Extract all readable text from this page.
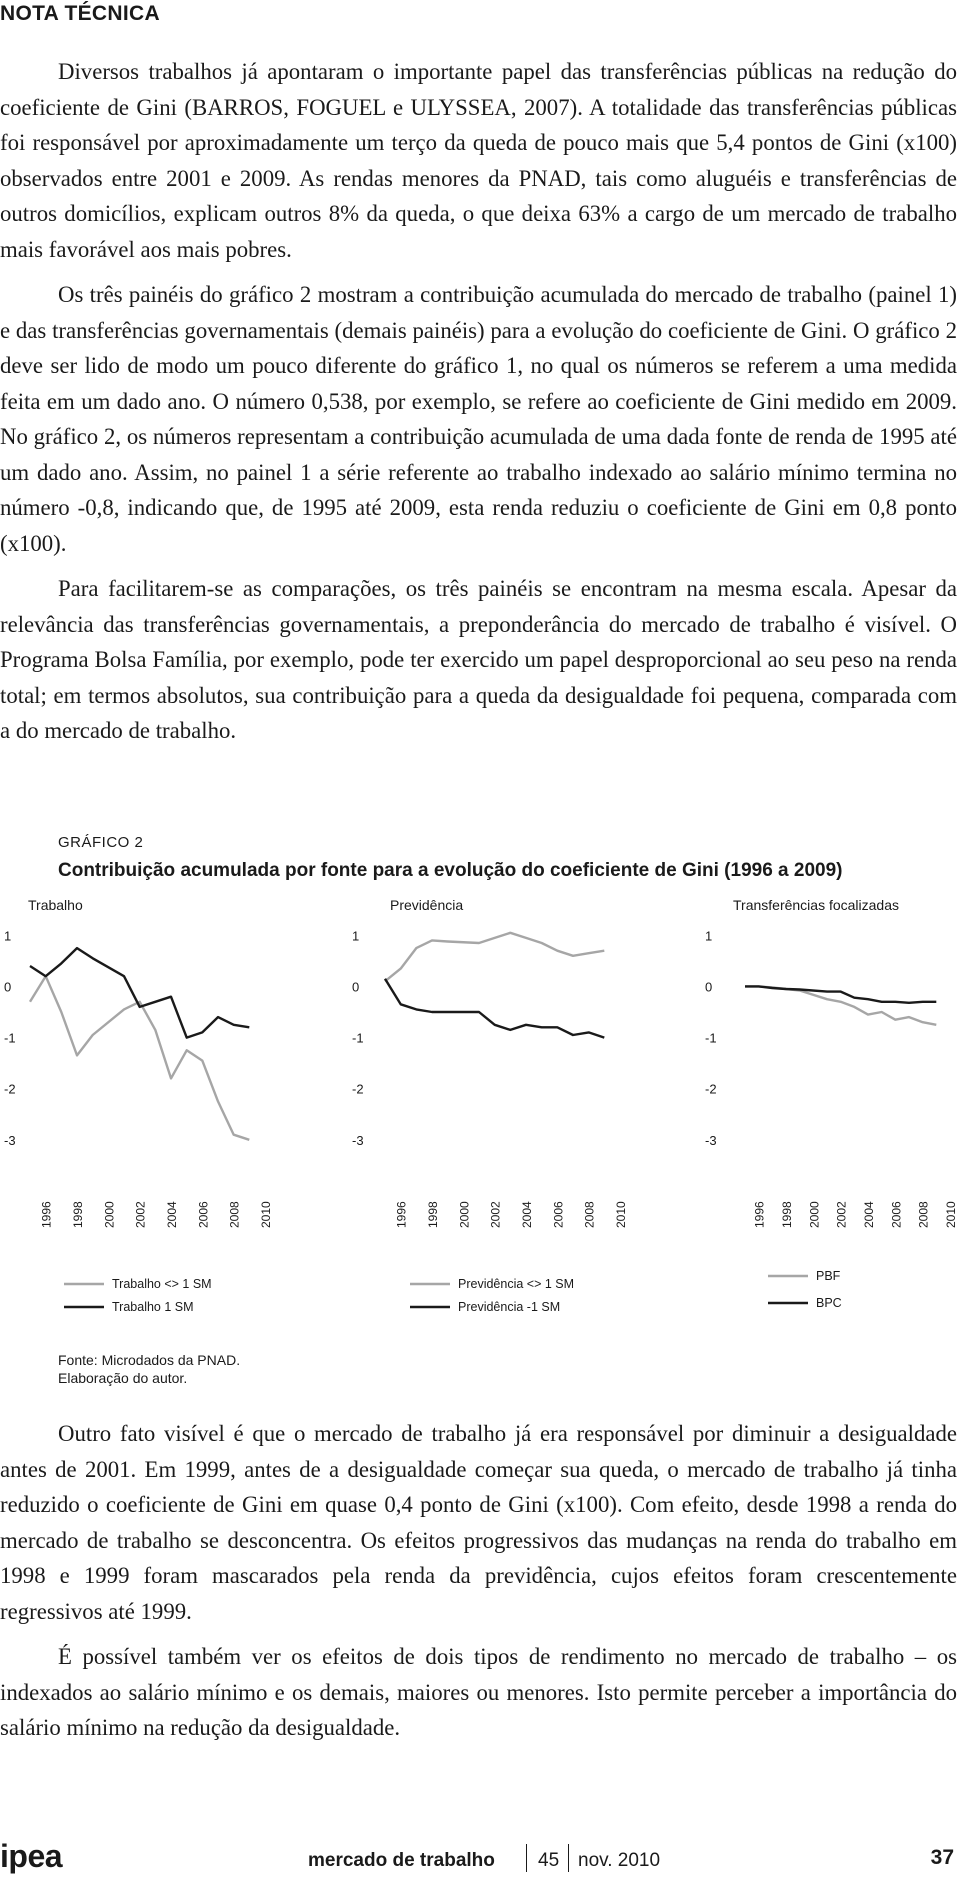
NOTA TÉCNICA

Diversos trabalhos já apontaram o importante papel das transferências públicas na redução do coeficiente de Gini (BARROS, FOGUEL e ULYSSEA, 2007). A totalidade das transferências públicas foi responsável por aproximadamente um terço da queda de pouco mais que 5,4 pontos de Gini (x100) observados entre 2001 e 2009. As rendas menores da PNAD, tais como aluguéis e transferências de outros domicílios, explicam outros 8% da queda, o que deixa 63% a cargo de um mercado de trabalho mais favorável aos mais pobres.

Os três painéis do gráfico 2 mostram a contribuição acumulada do mercado de trabalho (painel 1) e das transferências governamentais (demais painéis) para a evolução do coeficiente de Gini. O gráfico 2 deve ser lido de modo um pouco diferente do gráfico 1, no qual os números se referem a uma medida feita em um dado ano. O número 0,538, por exemplo, se refere ao coeficiente de Gini medido em 2009. No gráfico 2, os números representam a contribuição acumulada de uma dada fonte de renda de 1995 até um dado ano. Assim, no painel 1 a série referente ao trabalho indexado ao salário mínimo termina no número -0,8, indicando que, de 1995 até 2009, esta renda reduziu o coeficiente de Gini em 0,8 ponto (x100).

Para facilitarem-se as comparações, os três painéis se encontram na mesma escala. Apesar da relevância das transferências governamentais, a preponderância do mercado de trabalho é visível. O Programa Bolsa Família, por exemplo, pode ter exercido um papel desproporcional ao seu peso na renda total; em termos absolutos, sua contribuição para a queda da desigualdade foi pequena, comparada com a do mercado de trabalho.

GRÁFICO 2
Contribuição acumulada por fonte para a evolução do coeficiente de Gini (1996 a 2009)
Trabalho
1
0
-1
-2
-3
1996 1998 2000 2002 2004 2006 2008 2010
Trabalho <> 1 SM
Trabalho 1 SM
Previdência
1
0
-1
-2
-3
1996 1998 2000 2002 2004 2006 2008 2010
Previdência <> 1 SM
Previdência -1 SM
Transferências focalizadas
1
0
-1
-2
-3
1996 1998 2000 2002 2004 2006 2008 2010
PBF
BPC
Fonte: Microdados da PNAD.
Elaboração do autor.

Outro fato visível é que o mercado de trabalho já era responsável por diminuir a desigualdade antes de 2001. Em 1999, antes de a desigualdade começar sua queda, o mercado de trabalho já tinha reduzido o coeficiente de Gini em quase 0,4 ponto de Gini (x100). Com efeito, desde 1998 a renda do mercado de trabalho se desconcentra. Os efeitos progressivos das mudanças na renda do trabalho em 1998 e 1999 foram mascarados pela renda da previdência, cujos efeitos foram crescentemente regressivos até 1999.

É possível também ver os efeitos de dois tipos de rendimento no mercado de trabalho – os indexados ao salário mínimo e os demais, maiores ou menores. Isto permite perceber a importância do salário mínimo na redução da desigualdade.

ipea	mercado de trabalho 45 nov. 2010	37
